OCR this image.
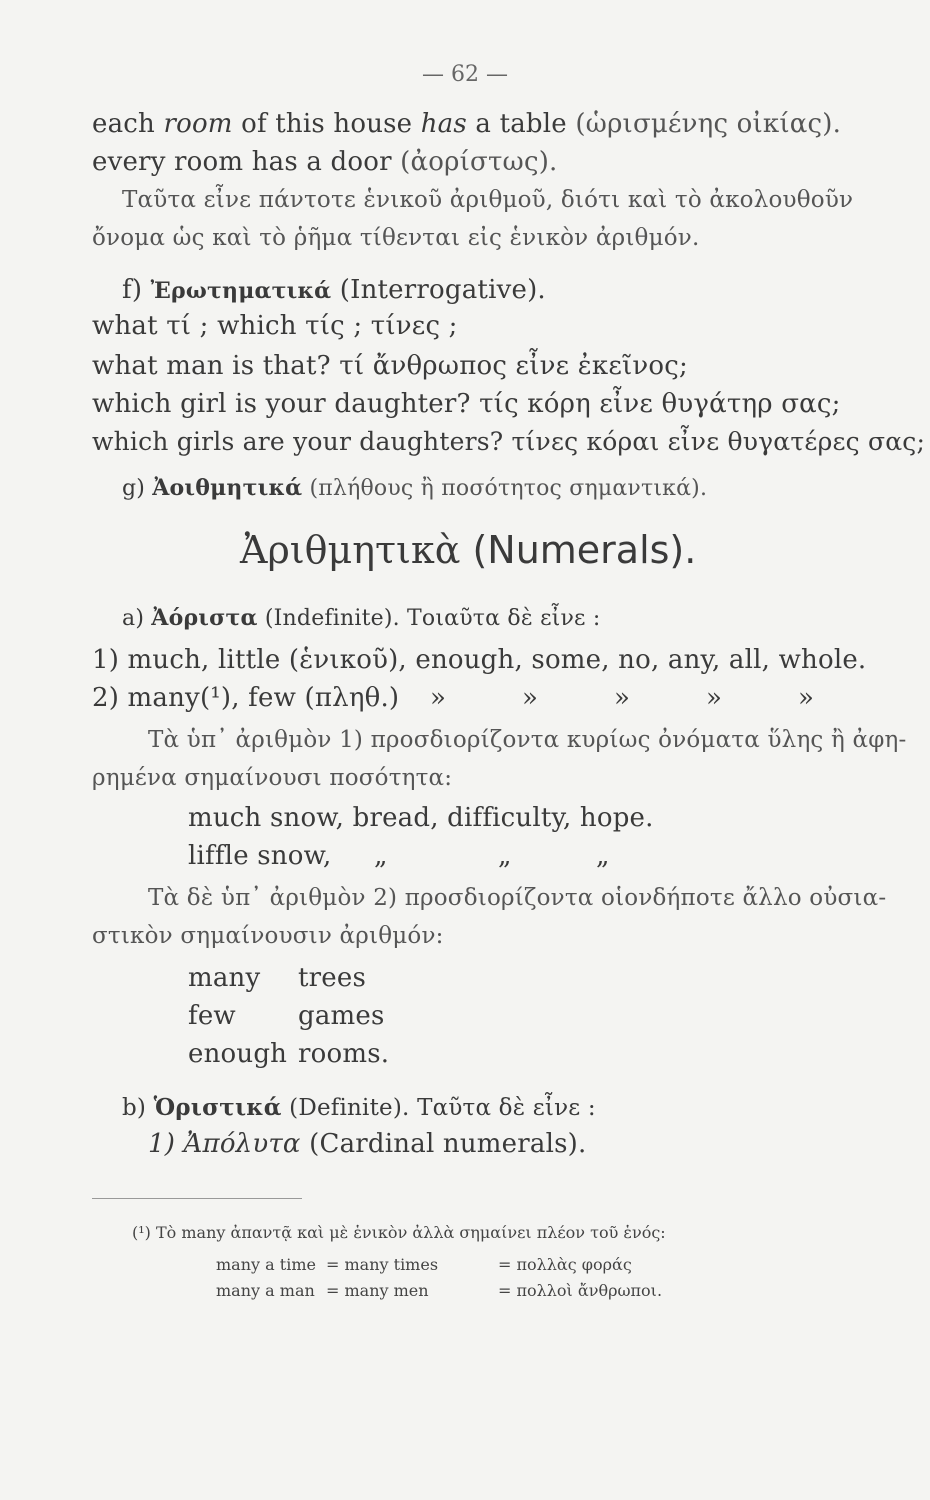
— 62 —
each room of this house has a table (ὡρισμένης οἰκίας).
every room has a door (ἀορίστως).
Ταῦτα εἶνε πάντοτε ἑνικοῦ ἀριθμοῦ, διότι καὶ τὸ ἀκολουθοῦν
ὄνομα ὡς καὶ τὸ ῥῆμα τίθενται εἰς ἑνικὸν ἀριθμόν.
f) Ἐρωτηματικά (Interrogative).
what τί ; which τίς ; τίνες ;
what man is that? τί ἄνθρωπος εἶνε ἐκεῖνος;
which girl is your daughter? τίς κόρη εἶνε θυγάτηρ σας;
which girls are your daughters? τίνες κόραι εἶνε θυγατέρες σας;
g) Ἀοιθμητικά (πλήθους ἢ ποσότητος σημαντικά).
Ἀριθμητικὰ (Numerals).
a) Ἀόριστα (Indefinite). Τοιαῦτα δὲ εἶνε :
1) much, little (ἑνικοῦ), enough, some, no, any, all, whole.
2) many(¹), few (πληθ.)	»	»	»	»	»
Τὰ ὑπ᾽ ἀριθμὸν 1) προσδιορίζοντα κυρίως ὀνόματα ὕλης ἢ ἀφη-
ρημένα σημαίνουσι ποσότητα:
much snow, bread, difficulty, hope.
liffle snow, „	„	„
Τὰ δὲ ὑπ᾽ ἀριθμὸν 2) προσδιορίζοντα οἱονδήποτε ἄλλο οὐσια-
στικὸν σημαίνουσιν ἀριθμόν:
many trees
few games
enough rooms.
b) Ὁριστικά (Definite). Ταῦτα δὲ εἶνε :
1) Ἀπόλυτα (Cardinal numerals).
(¹) Τὸ many ἀπαντᾷ καὶ μὲ ἑνικὸν ἀλλὰ σημαίνει πλέον τοῦ ἑνός:
many a time = many times	= πολλὰς φοράς
many a man = many men	= πολλοὶ ἄνθρωποι.
